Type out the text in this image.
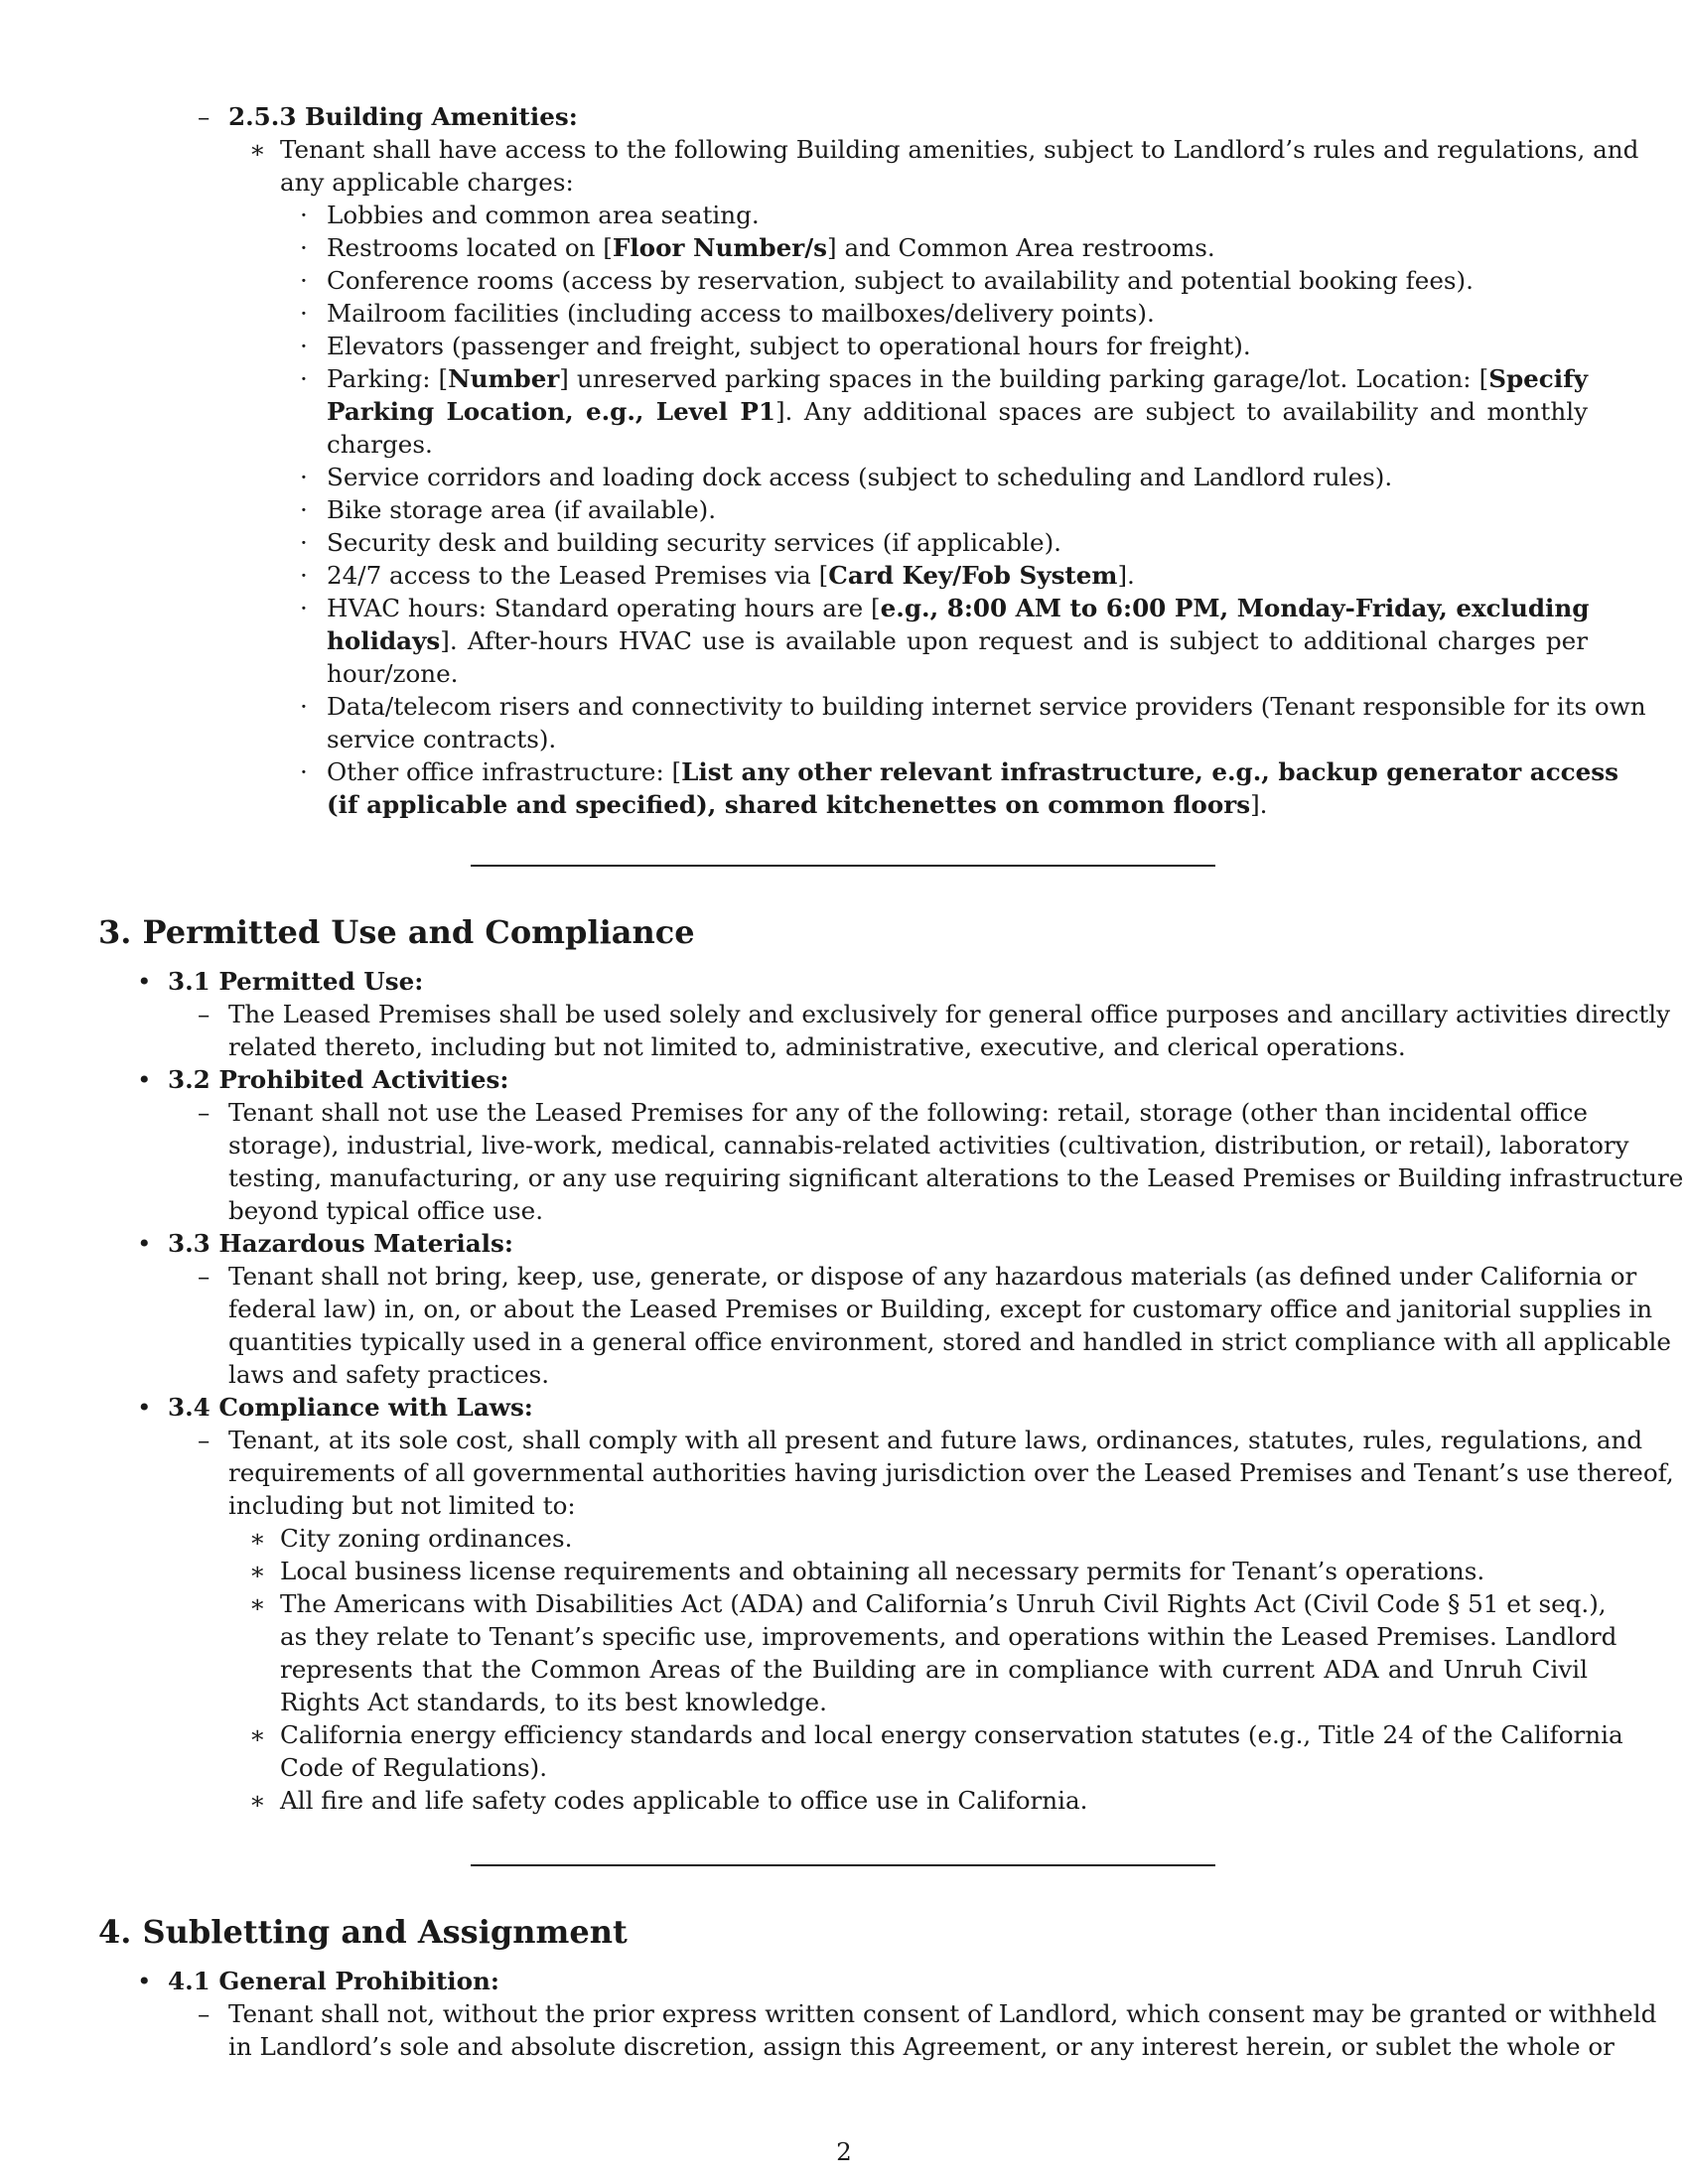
– 2.5.3 Building Amenities:

∗ Tenant shall have access to the following Building amenities, subject to Landlord’s rules and regulations, and

any applicable charges:

· Lobbies and common area seating.

· Restrooms located on [Floor Number/s] and Common Area restrooms.

· Conference rooms (access by reservation, subject to availability and potential booking fees).

· Mailroom facilities (including access to mailboxes/delivery points).

· Elevators (passenger and freight, subject to operational hours for freight).

· Parking: [Number] unreserved parking spaces in the building parking garage/lot. Location: [Specify

Parking Location, e.g., Level P1]. Any additional spaces are subject to availability and monthly

charges.

· Service corridors and loading dock access (subject to scheduling and Landlord rules).

· Bike storage area (if available).

· Security desk and building security services (if applicable).

· 24/7 access to the Leased Premises via [Card Key/Fob System].

· HVAC hours: Standard operating hours are [e.g., 8:00 AM to 6:00 PM, Monday-Friday, excluding

holidays]. After-hours HVAC use is available upon request and is subject to additional charges per

hour/zone.

· Data/telecom risers and connectivity to building internet service providers (Tenant responsible for its own

service contracts).

· Other office infrastructure: [List any other relevant infrastructure, e.g., backup generator access

(if applicable and specified), shared kitchenettes on common floors].

3. Permitted Use and Compliance

• 3.1 Permitted Use:

– The Leased Premises shall be used solely and exclusively for general office purposes and ancillary activities directly

related thereto, including but not limited to, administrative, executive, and clerical operations.

• 3.2 Prohibited Activities:

– Tenant shall not use the Leased Premises for any of the following: retail, storage (other than incidental office

storage), industrial, live-work, medical, cannabis-related activities (cultivation, distribution, or retail), laboratory

testing, manufacturing, or any use requiring significant alterations to the Leased Premises or Building infrastructure

beyond typical office use.

• 3.3 Hazardous Materials:

– Tenant shall not bring, keep, use, generate, or dispose of any hazardous materials (as defined under California or

federal law) in, on, or about the Leased Premises or Building, except for customary office and janitorial supplies in

quantities typically used in a general office environment, stored and handled in strict compliance with all applicable

laws and safety practices.

• 3.4 Compliance with Laws:

– Tenant, at its sole cost, shall comply with all present and future laws, ordinances, statutes, rules, regulations, and

requirements of all governmental authorities having jurisdiction over the Leased Premises and Tenant’s use thereof,

including but not limited to:

∗ City zoning ordinances.

∗ Local business license requirements and obtaining all necessary permits for Tenant’s operations.

∗ The Americans with Disabilities Act (ADA) and California’s Unruh Civil Rights Act (Civil Code § 51 et seq.),

as they relate to Tenant’s specific use, improvements, and operations within the Leased Premises. Landlord

represents that the Common Areas of the Building are in compliance with current ADA and Unruh Civil

Rights Act standards, to its best knowledge.

∗ California energy efficiency standards and local energy conservation statutes (e.g., Title 24 of the California

Code of Regulations).

∗ All fire and life safety codes applicable to office use in California.

4. Subletting and Assignment

• 4.1 General Prohibition:

– Tenant shall not, without the prior express written consent of Landlord, which consent may be granted or withheld

in Landlord’s sole and absolute discretion, assign this Agreement, or any interest herein, or sublet the whole or

2
